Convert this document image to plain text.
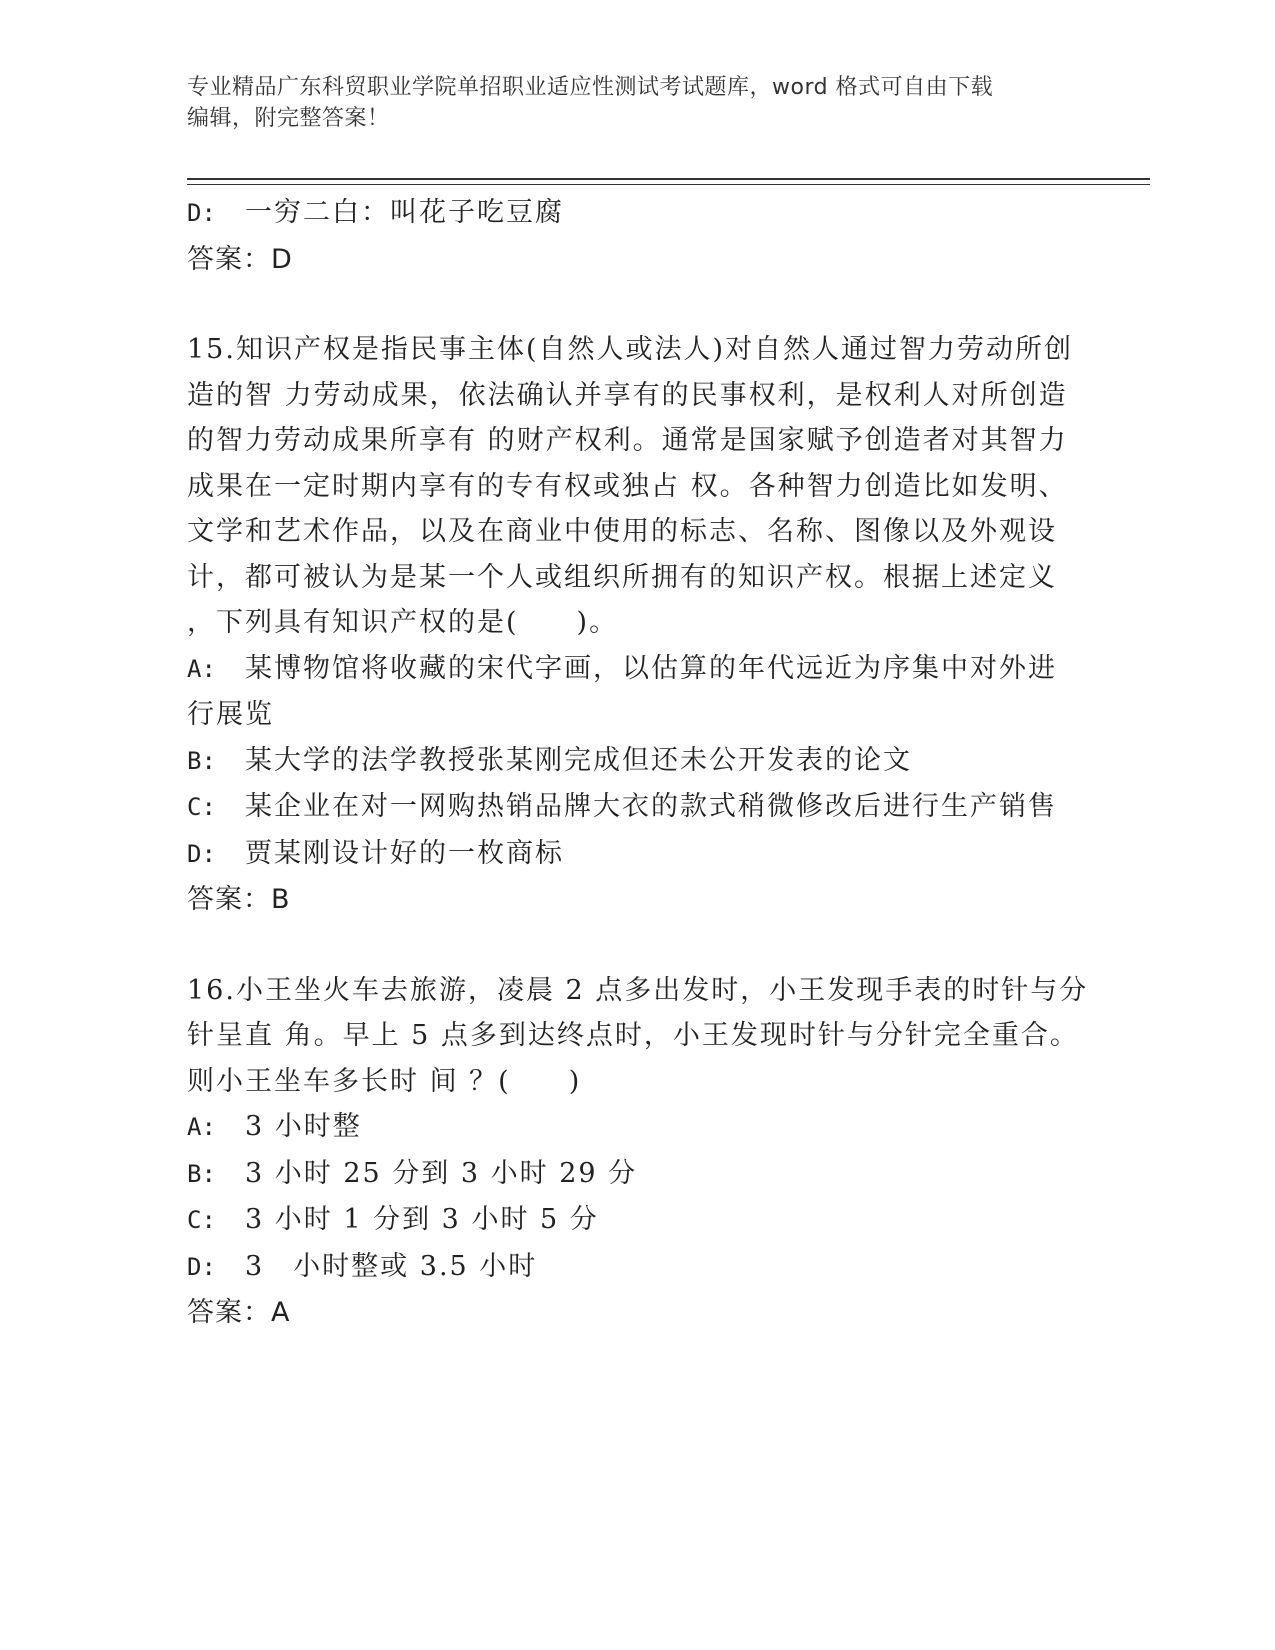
专业精品广东科贸职业学院单招职业适应性测试考试题库，word 格式可自由下载
编辑，附完整答案！
D: 一穷二白：叫花子吃豆腐
答案：D
15.知识产权是指民事主体(自然人或法人)对自然人通过智力劳动所创
造的智 力劳动成果，依法确认并享有的民事权利，是权利人对所创造
的智力劳动成果所享有 的财产权利。通常是国家赋予创造者对其智力
成果在一定时期内享有的专有权或独占 权。各种智力创造比如发明、
文学和艺术作品，以及在商业中使用的标志、名称、图像以及外观设
计，都可被认为是某一个人或组织所拥有的知识产权。根据上述定义
，下列具有知识产权的是(　　)。
A: 某博物馆将收藏的宋代字画，以估算的年代远近为序集中对外进
行展览
B: 某大学的法学教授张某刚完成但还未公开发表的论文
C: 某企业在对一网购热销品牌大衣的款式稍微修改后进行生产销售
D: 贾某刚设计好的一枚商标
答案：B
16.小王坐火车去旅游，凌晨 2 点多出发时，小王发现手表的时针与分
针呈直 角。早上 5 点多到达终点时，小王发现时针与分针完全重合。
则小王坐车多长时 间 ？(　　)
A: 3 小时整
B: 3 小时 25 分到 3 小时 29 分
C: 3 小时 1 分到 3 小时 5 分
D: 3　小时整或 3.5 小时
答案：A
